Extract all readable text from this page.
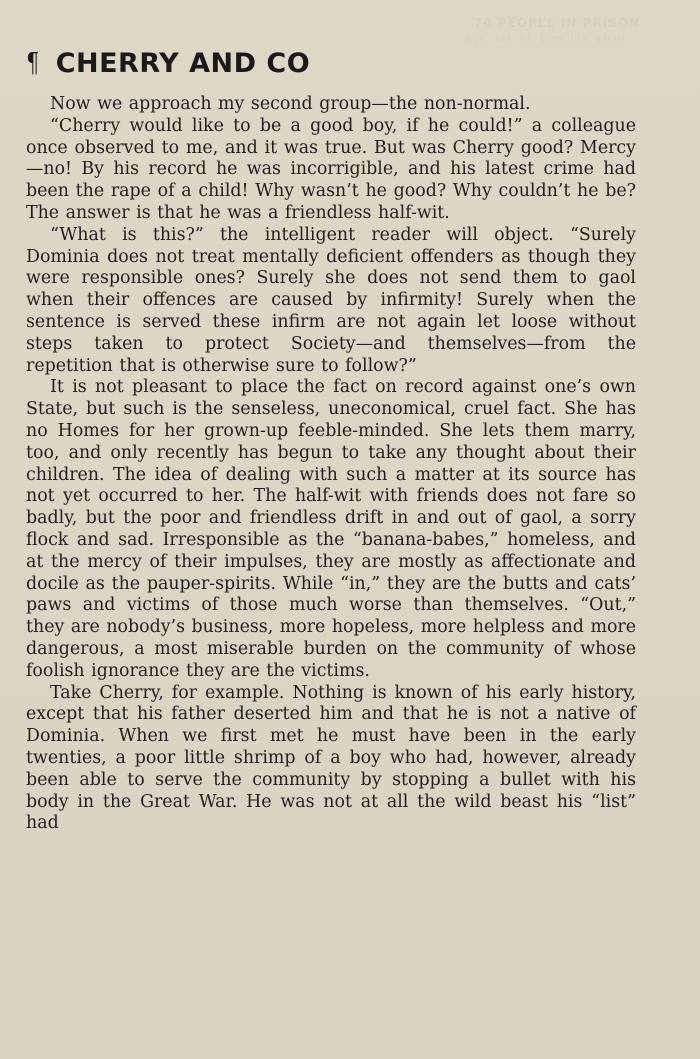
70 PEOPLE IN PRISON
Lot. 1st. Lt. Dominia, Lhall.
¶ CHERRY AND CO

Now we approach my second group—the non-normal.

“Cherry would like to be a good boy, if he could!” a colleague once observed to me, and it was true. But was Cherry good? Mercy—no! By his record he was incorrigible, and his latest crime had been the rape of a child! Why wasn’t he good? Why couldn’t he be? The answer is that he was a friendless half-wit.

“What is this?” the intelligent reader will object. “Surely Dominia does not treat mentally deficient offenders as though they were responsible ones? Surely she does not send them to gaol when their offences are caused by infirmity! Surely when the sentence is served these infirm are not again let loose without steps taken to protect Society—and themselves—from the repetition that is otherwise sure to follow?”

It is not pleasant to place the fact on record against one’s own State, but such is the senseless, uneconomical, cruel fact. She has no Homes for her grown-up feeble-minded. She lets them marry, too, and only recently has begun to take any thought about their children. The idea of dealing with such a matter at its source has not yet occurred to her. The half-wit with friends does not fare so badly, but the poor and friendless drift in and out of gaol, a sorry flock and sad. Irresponsible as the “banana-babes,” homeless, and at the mercy of their impulses, they are mostly as affectionate and docile as the pauper-spirits. While “in,” they are the butts and cats’ paws and victims of those much worse than themselves. “Out,” they are nobody’s business, more hopeless, more helpless and more dangerous, a most miserable burden on the community of whose foolish ignorance they are the victims.

Take Cherry, for example. Nothing is known of his early history, except that his father deserted him and that he is not a native of Dominia. When we first met he must have been in the early twenties, a poor little shrimp of a boy who had, however, already been able to serve the community by stopping a bullet with his body in the Great War. He was not at all the wild beast his “list” had
